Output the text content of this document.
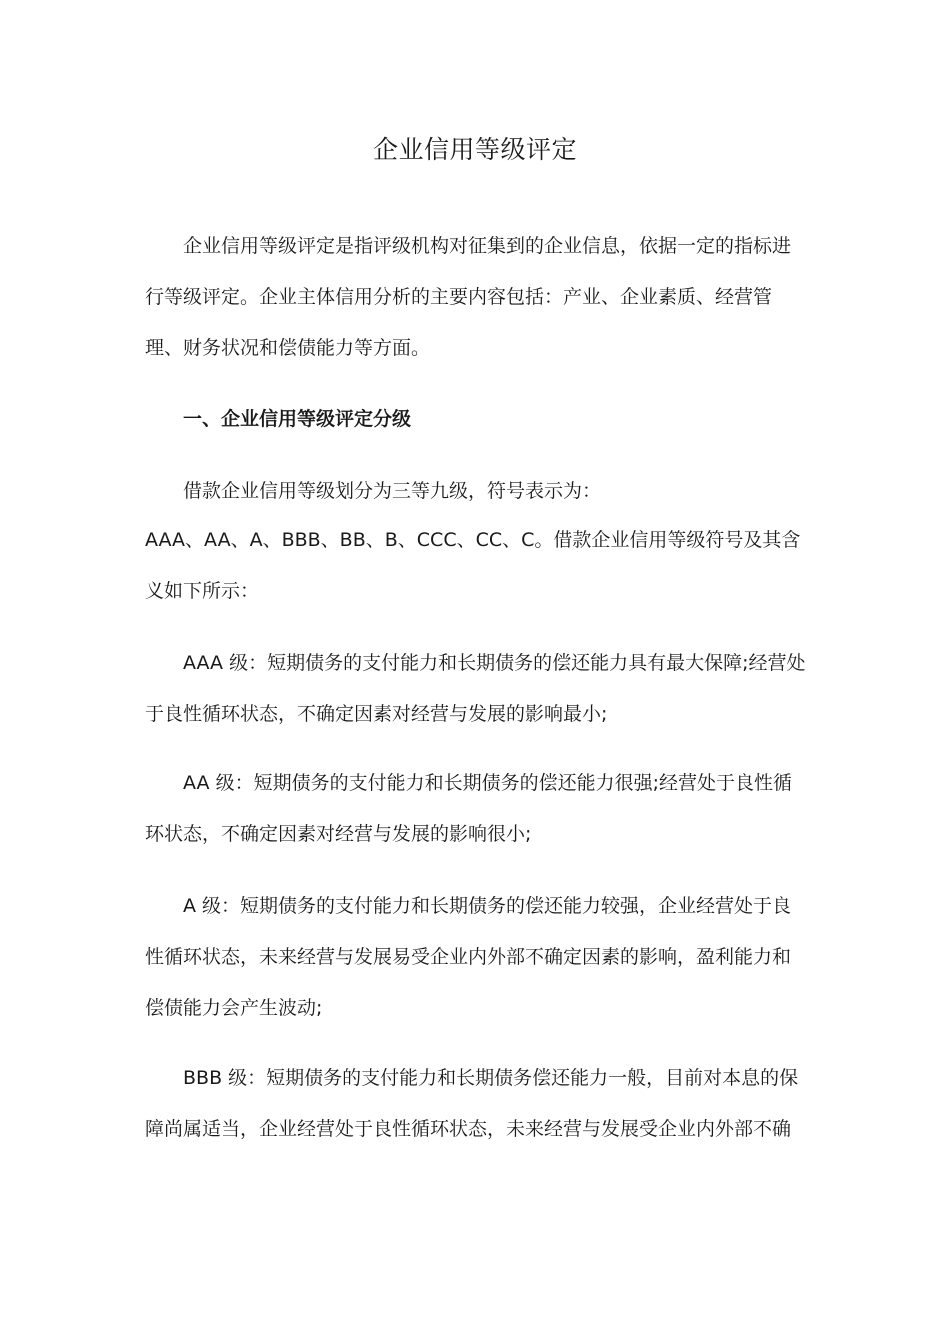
企业信用等级评定

企业信用等级评定是指评级机构对征集到的企业信息，依据一定的指标进行等级评定。企业主体信用分析的主要内容包括：产业、企业素质、经营管理、财务状况和偿债能力等方面。

一、企业信用等级评定分级

借款企业信用等级划分为三等九级，符号表示为：

AAA、AA、A、BBB、BB、B、CCC、CC、C。借款企业信用等级符号及其含义如下所示：

AAA 级：短期债务的支付能力和长期债务的偿还能力具有最大保障;经营处于良性循环状态，不确定因素对经营与发展的影响最小;

AA 级：短期债务的支付能力和长期债务的偿还能力很强;经营处于良性循环状态，不确定因素对经营与发展的影响很小;

A 级：短期债务的支付能力和长期债务的偿还能力较强，企业经营处于良性循环状态，未来经营与发展易受企业内外部不确定因素的影响，盈利能力和偿债能力会产生波动;

BBB 级：短期债务的支付能力和长期债务偿还能力一般，目前对本息的保障尚属适当，企业经营处于良性循环状态，未来经营与发展受企业内外部不确
